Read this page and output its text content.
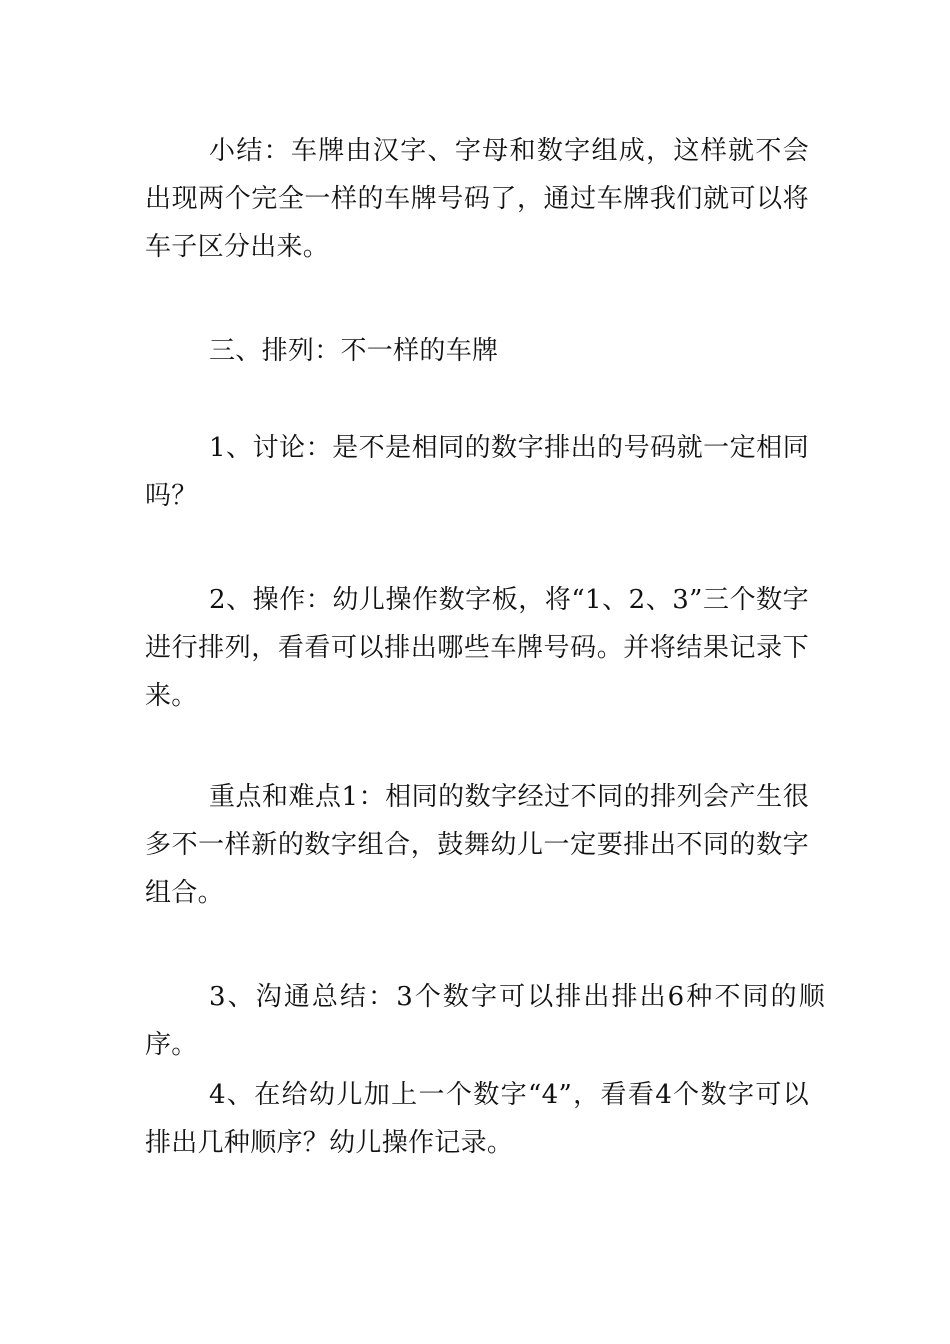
小结：车牌由汉字、字母和数字组成，这样就不会出现两个完全一样的车牌号码了，通过车牌我们就可以将车子区分出来。

三、排列：不一样的车牌

1、讨论：是不是相同的数字排出的号码就一定相同吗？

2、操作：幼儿操作数字板，将“1、2、3”三个数字进行排列，看看可以排出哪些车牌号码。并将结果记录下来。

重点和难点1：相同的数字经过不同的排列会产生很多不一样新的数字组合，鼓舞幼儿一定要排出不同的数字组合。

3、沟通总结：3个数字可以排出排出6种不同的顺序。

4、在给幼儿加上一个数字“4”，看看4个数字可以排出几种顺序？幼儿操作记录。
